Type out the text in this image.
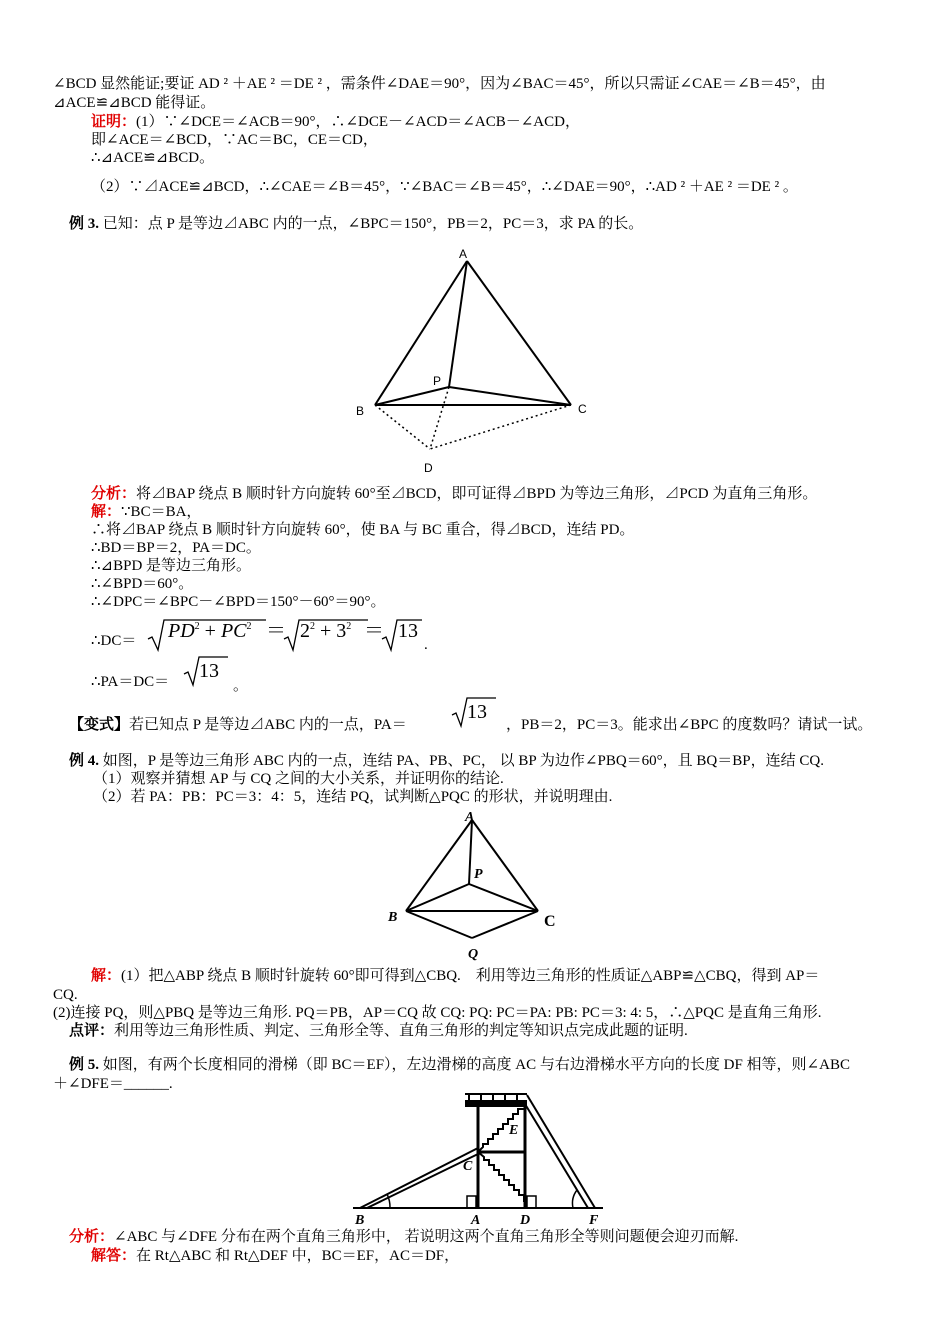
∠BCD 显然能证;要证 AD ² ＋AE ² ＝DE ² ，需条件∠DAE＝90°，因为∠BAC＝45°，所以只需证∠CAE＝∠B＝45°，由
⊿ACE≌⊿BCD 能得证。
证明：(1）∵∠DCE＝∠ACB＝90°，∴∠DCE－∠ACD＝∠ACB－∠ACD，
即∠ACE＝∠BCD，∵AC＝BC，CE＝CD，
∴⊿ACE≌⊿BCD。
（2）∵⊿ACE≌⊿BCD，∴∠CAE＝∠B＝45°，∵∠BAC＝∠B＝45°，∴∠DAE＝90°，∴AD ² ＋AE ² ＝DE ² 。
例 3. 已知：点 P 是等边⊿ABC 内的一点，∠BPC＝150°，PB＝2，PC＝3，求 PA 的长。
A
P
B	C
D
分析：将⊿BAP 绕点 B 顺时针方向旋转 60°至⊿BCD，即可证得⊿BPD 为等边三角形，⊿PCD 为直角三角形。
解：∵BC＝BA，
∴将⊿BAP 绕点 B 顺时针方向旋转 60°，使 BA 与 BC 重合，得⊿BCD，连结 PD。
∴BD＝BP＝2，PA＝DC。
∴⊿BPD 是等边三角形。
∴∠BPD＝60°。
∴∠DPC＝∠BPC－∠BPD＝150°－60°＝90°。
∴DC＝ $PD^2 + PC^2 = 2^2 + 3^2 = 13$
.
∴PA＝DC＝ 13
。
【变式】若已知点 P 是等边⊿ABC 内的一点，PA＝
13
，PB＝2，PC＝3。能求出∠BPC 的度数吗？请试一试。
例 4. 如图，P 是等边三角形 ABC 内的一点，连结 PA、PB、PC， 以 BP 为边作∠PBQ＝60°，且 BQ＝BP，连结 CQ.
（1）观察并猜想 AP 与 CQ 之间的大小关系，并证明你的结论.
（2）若 PA：PB：PC＝3：4：5，连结 PQ，试判断△PQC 的形状，并说明理由.
A
P
B	C
Q
解：(1）把△ABP 绕点 B 顺时针旋转 60°即可得到△CBQ.　利用等边三角形的性质证△ABP≌△CBQ，得到 AP＝
CQ.
(2)连接 PQ，则△PBQ 是等边三角形. PQ＝PB，AP＝CQ 故 CQ: PQ: PC＝PA: PB: PC＝3: 4: 5，∴△PQC 是直角三角形.
点评：利用等边三角形性质、判定、三角形全等、直角三角形的判定等知识点完成此题的证明.
例 5. 如图，有两个长度相同的滑梯（即 BC＝EF），左边滑梯的高度 AC 与右边滑梯水平方向的长度 DF 相等，则∠ABC
＋∠DFE＝______.
E
C
B	A	D	F
分析：∠ABC 与∠DFE 分布在两个直角三角形中， 若说明这两个直角三角形全等则问题便会迎刃而解.
解答：在 Rt△ABC 和 Rt△DEF 中，BC＝EF，AC＝DF，
